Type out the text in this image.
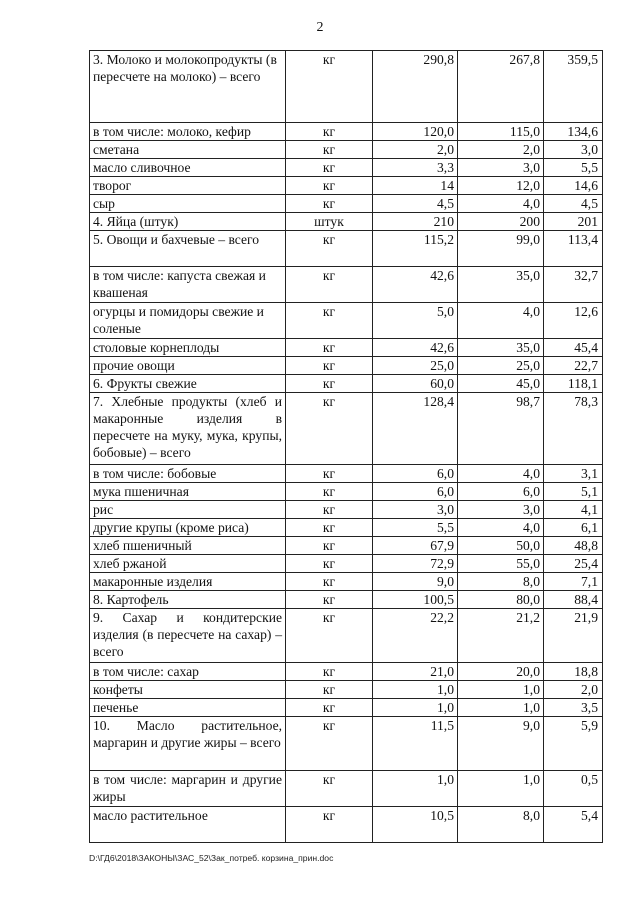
2
3. Молоко и молокопродукты (в пересчете на молоко) – всего	кг	290,8	267,8	359,5
в том числе: молоко, кефир	кг	120,0	115,0	134,6
сметана	кг	2,0	2,0	3,0
масло сливочное	кг	3,3	3,0	5,5
творог	кг	14	12,0	14,6
сыр	кг	4,5	4,0	4,5
4. Яйца (штук)	штук	210	200	201
5. Овощи и бахчевые – всего	кг	115,2	99,0	113,4
в том числе: капуста свежая и квашеная	кг	42,6	35,0	32,7
огурцы и помидоры свежие и соленые	кг	5,0	4,0	12,6
столовые корнеплоды	кг	42,6	35,0	45,4
прочие овощи	кг	25,0	25,0	22,7
6. Фрукты свежие	кг	60,0	45,0	118,1
7. Хлебные продукты (хлеб и макаронные изделия в пересчете на муку, мука, крупы, бобовые) – всего	кг	128,4	98,7	78,3
в том числе: бобовые	кг	6,0	4,0	3,1
мука пшеничная	кг	6,0	6,0	5,1
рис	кг	3,0	3,0	4,1
другие крупы (кроме риса)	кг	5,5	4,0	6,1
хлеб пшеничный	кг	67,9	50,0	48,8
хлеб ржаной	кг	72,9	55,0	25,4
макаронные изделия	кг	9,0	8,0	7,1
8. Картофель	кг	100,5	80,0	88,4
9. Сахар и кондитерские изделия (в пересчете на сахар) – всего	кг	22,2	21,2	21,9
в том числе: сахар	кг	21,0	20,0	18,8
конфеты	кг	1,0	1,0	2,0
печенье	кг	1,0	1,0	3,5
10. Масло растительное, маргарин и другие жиры – всего	кг	11,5	9,0	5,9
в том числе: маргарин и другие жиры	кг	1,0	1,0	0,5
масло растительное	кг	10,5	8,0	5,4
D:\ГД6\2018\ЗАКОНЫ\ЗАС_52\Зак_потреб. корзина_прин.doc
